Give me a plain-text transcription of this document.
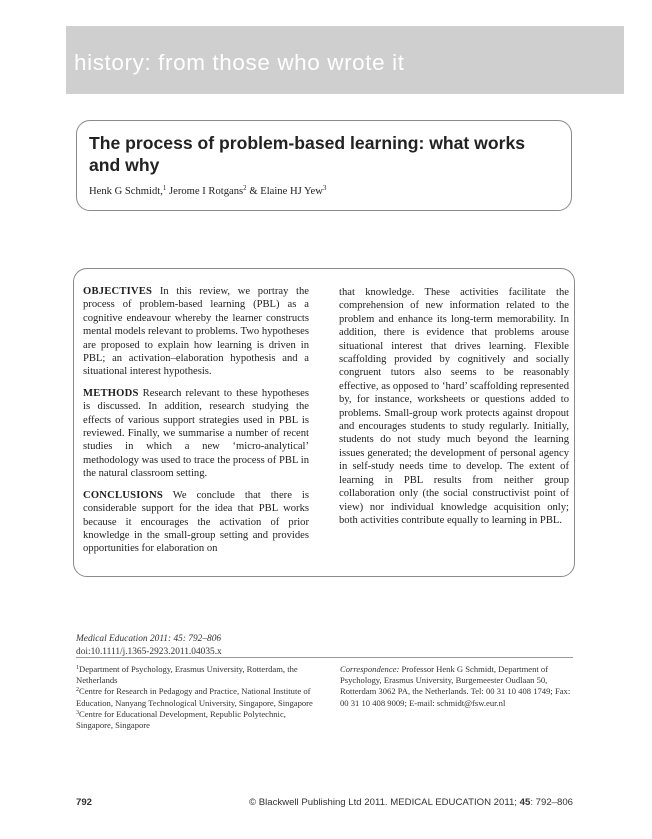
history: from those who wrote it
The process of problem-based learning: what works and why
Henk G Schmidt,$^1$ Jerome I Rotgans$^2$ & Elaine HJ Yew$^3$

OBJECTIVES In this review, we portray the process of problem-based learning (PBL) as a cognitive endeavour whereby the learner constructs mental models relevant to problems. Two hypotheses are proposed to explain how learning is driven in PBL; an activation–elaboration hypothesis and a situational interest hypothesis.

METHODS Research relevant to these hypotheses is discussed. In addition, research studying the effects of various support strategies used in PBL is reviewed. Finally, we summarise a number of recent studies in which a new ‘micro-analytical’ methodology was used to trace the process of PBL in the natural classroom setting.

CONCLUSIONS We conclude that there is considerable support for the idea that PBL works because it encourages the activation of prior knowledge in the small-group setting and provides opportunities for elaboration on

that knowledge. These activities facilitate the comprehension of new information related to the problem and enhance its long-term memorability. In addition, there is evidence that problems arouse situational interest that drives learning. Flexible scaffolding provided by cognitively and socially congruent tutors also seems to be reasonably effective, as opposed to ‘hard’ scaffolding represented by, for instance, worksheets or questions added to problems. Small-group work protects against dropout and encourages students to study regularly. Initially, students do not study much beyond the learning issues generated; the development of personal agency in self-study needs time to develop. The extent of learning in PBL results from neither group collaboration only (the social constructivist point of view) nor individual knowledge acquisition only; both activities contribute equally to learning in PBL.

Medical Education 2011: 45: 792–806
doi:10.1111/j.1365-2923.2011.04035.x
$^1$Department of Psychology, Erasmus University, Rotterdam, the Netherlands
$^2$Centre for Research in Pedagogy and Practice, National Institute of Education, Nanyang Technological University, Singapore, Singapore
$^3$Centre for Educational Development, Republic Polytechnic, Singapore, Singapore
Correspondence: Professor Henk G Schmidt, Department of Psychology, Erasmus University, Burgemeester Oudlaan 50, Rotterdam 3062 PA, the Netherlands. Tel: 00 31 10 408 1749; Fax: 00 31 10 408 9009; E-mail: schmidt@fsw.eur.nl
792	© Blackwell Publishing Ltd 2011. MEDICAL EDUCATION 2011; 45: 792–806
